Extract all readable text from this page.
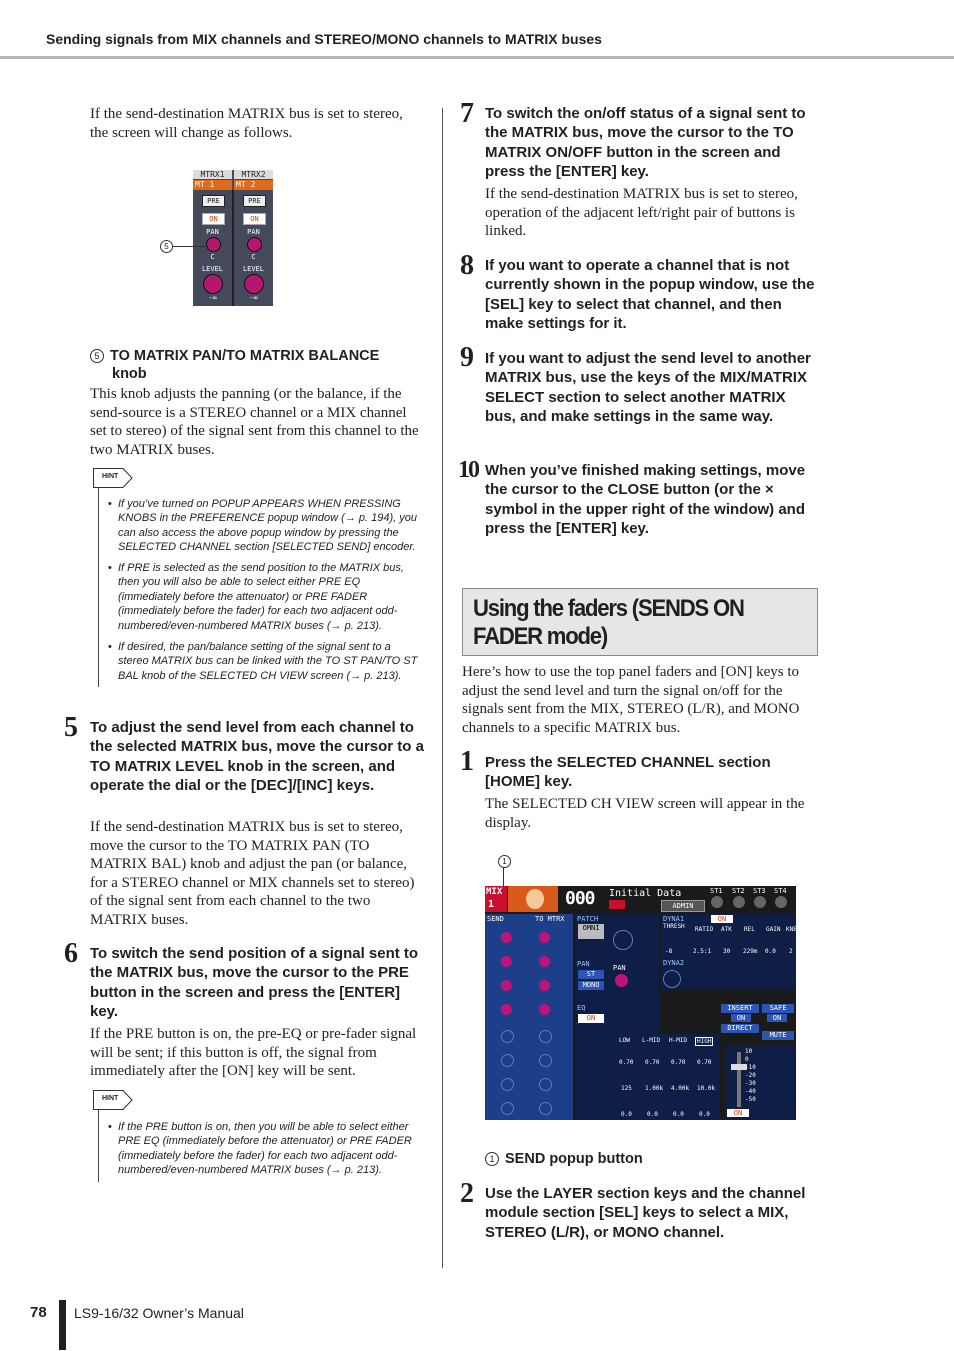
Sending signals from MIX channels and STEREO/MONO channels to MATRIX buses

If the send-destination MATRIX bus is set to stereo, the screen will change as follows.

MTRX1	MTRX2
MT 1	MT 2
PRE
ON
PAN
C
LEVEL
-∞
PRE
ON
PAN
C
LEVEL
-∞
5

5 TO MATRIX PAN/TO MATRIX BALANCE
knob

This knob adjusts the panning (or the balance, if the send-source is a STEREO channel or a MIX channel set to stereo) of the signal sent from this channel to the two MATRIX buses.

HINT
• If you’ve turned on POPUP APPEARS WHEN PRESSING KNOBS in the PREFERENCE popup window (→ p. 194), you can also access the above popup window by pressing the SELECTED CHANNEL section [SELECTED SEND] encoder.

• If PRE is selected as the send position to the MATRIX bus, then you will also be able to select either PRE EQ (immediately before the attenuator) or PRE FADER (immediately before the fader) for each two adjacent odd-numbered/even-numbered MATRIX buses (→ p. 213).

• If desired, the pan/balance setting of the signal sent to a stereo MATRIX bus can be linked with the TO ST PAN/TO ST BAL knob of the SELECTED CH VIEW screen (→ p. 213).

5 To adjust the send level from each channel to the selected MATRIX bus, move the cursor to a TO MATRIX LEVEL knob in the screen, and operate the dial or the [DEC]/[INC] keys.

If the send-destination MATRIX bus is set to stereo, move the cursor to the TO MATRIX PAN (TO MATRIX BAL) knob and adjust the pan (or balance, for a STEREO channel or MIX channels set to stereo) of the signal sent from each channel to the two MATRIX buses.

6 To switch the send position of a signal sent to the MATRIX bus, move the cursor to the PRE button in the screen and press the [ENTER] key.

If the PRE button is on, the pre-EQ or pre-fader signal will be sent; if this button is off, the signal from immediately after the [ON] key will be sent.

HINT
• If the PRE button is on, then you will be able to select either PRE EQ (immediately before the attenuator) or PRE FADER (immediately before the fader) for each two adjacent odd-numbered/even-numbered MATRIX buses (→ p. 213).

7 To switch the on/off status of a signal sent to the MATRIX bus, move the cursor to the TO MATRIX ON/OFF button in the screen and press the [ENTER] key.

If the send-destination MATRIX bus is set to stereo, operation of the adjacent left/right pair of buttons is linked.

8 If you want to operate a channel that is not currently shown in the popup window, use the [SEL] key to select that channel, and then make settings for it.

9 If you want to adjust the send level to another MATRIX bus, use the keys of the MIX/MATRIX SELECT section to select another MATRIX bus, and make settings in the same way.

10 When you’ve finished making settings, move the cursor to the CLOSE button (or the × symbol in the upper right of the window) and press the [ENTER] key.

Using the faders (SENDS ON FADER mode)

Here’s how to use the top panel faders and [ON] keys to adjust the send level and turn the signal on/off for the signals sent from the MIX, STEREO (L/R), and MONO channels to a specific MATRIX bus.

1 Press the SELECTED CHANNEL section [HOME] key.

The SELECTED CH VIEW screen will appear in the display.

1
MIX
1	000 Initial Data
ADMIN
ST1 ST2 ST3 ST4
SEND	TO MTRX PATCH
OMNI
PAN
ST
MONO
PAN
EQ
ON
DYNA1	ON
THRESH RATIO ATK REL GAIN KNEE
-8	2.5:1 30 229m 0.0 2
DYNA2
INSERT	SAFE
ON	ON
DIRECT
MUTE
LOW L-MID H-MID	HIGH
0.70 0.70 0.70 0.70
125 1.00k 4.00k 10.0k
0.0	0.0	0.0	0.0
10
0
-10
-20
-30
-40
-50
ON

1 SEND popup button

2 Use the LAYER section keys and the channel module section [SEL] keys to select a MIX, STEREO (L/R), or MONO channel.

78 LS9-16/32 Owner’s Manual
